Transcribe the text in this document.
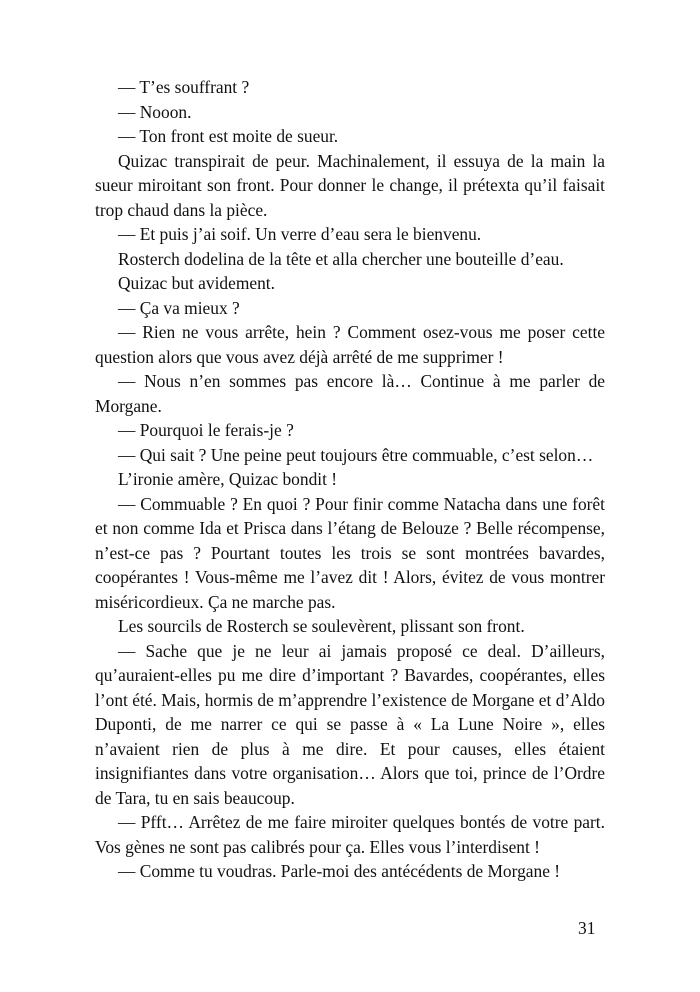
— T’es souffrant ?

— Nooon.

— Ton front est moite de sueur.

Quizac transpirait de peur. Machinalement, il essuya de la main la sueur miroitant son front. Pour donner le change, il prétexta qu’il faisait trop chaud dans la pièce.

— Et puis j’ai soif. Un verre d’eau sera le bienvenu.

Rosterch dodelina de la tête et alla chercher une bouteille d’eau.

Quizac but avidement.

— Ça va mieux ?

— Rien ne vous arrête, hein ? Comment osez-vous me poser cette question alors que vous avez déjà arrêté de me supprimer !

— Nous n’en sommes pas encore là… Continue à me parler de Morgane.

— Pourquoi le ferais-je ?

— Qui sait ? Une peine peut toujours être commuable, c’est selon…

L’ironie amère, Quizac bondit !

— Commuable ? En quoi ? Pour finir comme Natacha dans une forêt et non comme Ida et Prisca dans l’étang de Belouze ? Belle récompense, n’est-ce pas ? Pourtant toutes les trois se sont montrées bavardes, coopérantes ! Vous-même me l’avez dit ! Alors, évitez de vous montrer miséricordieux. Ça ne marche pas.

Les sourcils de Rosterch se soulevèrent, plissant son front.

— Sache que je ne leur ai jamais proposé ce deal. D’ailleurs, qu’auraient-elles pu me dire d’important ? Bavardes, coopérantes, elles l’ont été. Mais, hormis de m’apprendre l’existence de Morgane et d’Aldo Duponti, de me narrer ce qui se passe à « La Lune Noire », elles n’avaient rien de plus à me dire. Et pour causes, elles étaient insignifiantes dans votre organisation… Alors que toi, prince de l’Ordre de Tara, tu en sais beaucoup.

— Pfft… Arrêtez de me faire miroiter quelques bontés de votre part. Vos gènes ne sont pas calibrés pour ça. Elles vous l’interdisent !

— Comme tu voudras. Parle-moi des antécédents de Morgane !

31
